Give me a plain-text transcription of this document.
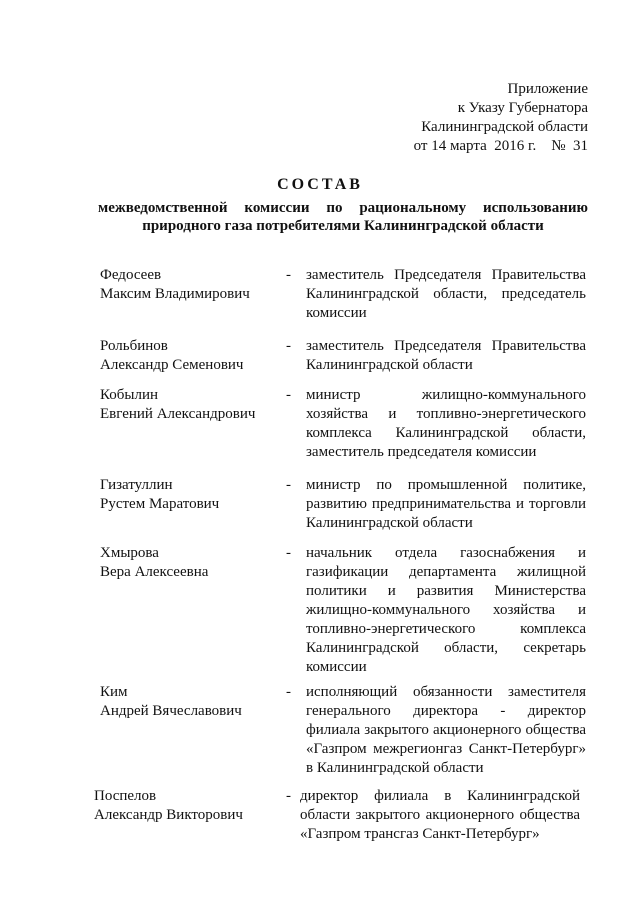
Приложение
к Указу Губернатора
Калининградской области
от 14 марта  2016 г.    №  31
СОСТАВ
межведомственной комиссии по рациональному использованию
природного газа потребителями Калининградской области
Федосеев
Максим Владимирович
- заместитель Председателя Правительства Калининградской области, председатель комиссии
Рольбинов
Александр Семенович
- заместитель Председателя Правительства Калининградской области
Кобылин
Евгений Александрович
- министр жилищно-коммунального хозяйства и топливно-энергетического комплекса Калининградской области, заместитель председателя комиссии
Гизатуллин
Рустем Маратович
- министр по промышленной политике, развитию предпринимательства и торговли Калининградской области
Хмырова
Вера Алексеевна
- начальник отдела газоснабжения и газификации департамента жилищной политики и развития Министерства жилищно-коммунального хозяйства и топливно-энергетического комплекса Калининградской области, секретарь комиссии
Ким
Андрей Вячеславович
- исполняющий обязанности заместителя генерального директора - директор филиала закрытого акционерного общества «Газпром межрегионгаз Санкт-Петербург» в Калининградской области
Поспелов
Александр Викторович
- директор филиала в Калининградской области закрытого акционерного общества «Газпром трансгаз Санкт-Петербург»
